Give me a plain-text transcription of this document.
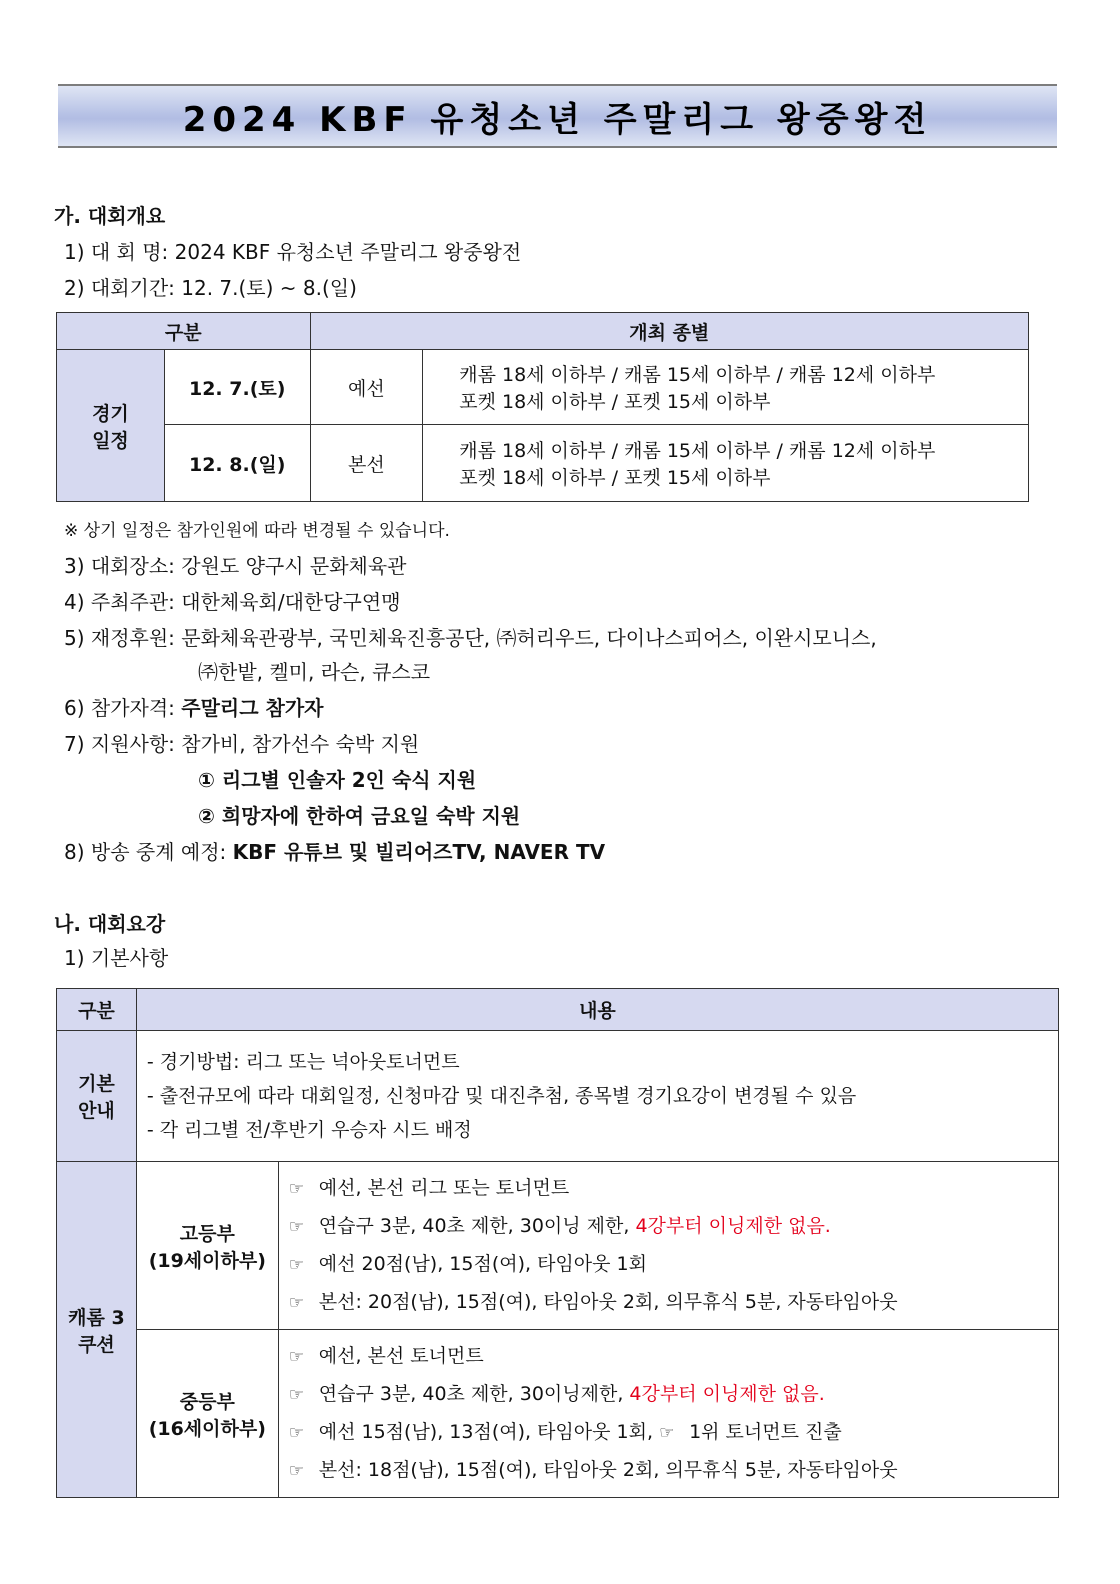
2024 KBF 유청소년 주말리그 왕중왕전
가. 대회개요
1) 대 회 명: 2024 KBF 유청소년 주말리그 왕중왕전
2) 대회기간: 12. 7.(토) ~ 8.(일)
구분		개최 종별	
경기 일정	12. 7.(토)	예선	캐롬 18세 이하부 / 캐롬 15세 이하부 / 캐롬 12세 이하부
포켓 18세 이하부 / 포켓 15세 이하부

	12. 8.(일)	본선	캐롬 18세 이하부 / 캐롬 15세 이하부 / 캐롬 12세 이하부
포켓 18세 이하부 / 포켓 15세 이하부
※ 상기 일정은 참가인원에 따라 변경될 수 있습니다.
3) 대회장소: 강원도 양구시 문화체육관
4) 주최주관: 대한체육회/대한당구연맹
5) 재정후원: 문화체육관광부, 국민체육진흥공단, ㈜허리우드, 다이나스피어스, 이완시모니스,
㈜한밭, 켈미, 라슨, 큐스코
6) 참가자격: 주말리그 참가자
7) 지원사항: 참가비, 참가선수 숙박 지원
① 리그별 인솔자 2인 숙식 지원
② 희망자에 한하여 금요일 숙박 지원
8) 방송 중계 예정: KBF 유튜브 및 빌리어즈TV, NAVER TV
나. 대회요강
1) 기본사항
구분	내용	
기본 안내	- 경기방법: 리그 또는 넉아웃토너먼트
- 출전규모에 따라 대회일정, 신청마감 및 대진추첨, 종목별 경기요강이 변경될 수 있음
- 각 리그별 전/후반기 우승자 시드 배정	

캐롬 3쿠션	고등부
(19세이하부)	☞ 예선, 본선 리그 또는 토너먼트
☞ 연습구 3분, 40초 제한, 30이닝 제한, 4강부터 이닝제한 없음.
☞ 예선 20점(남), 15점(여), 타임아웃 1회
☞ 본선: 20점(남), 15점(여), 타임아웃 2회, 의무휴식 5분, 자동타임아웃

	중등부
(16세이하부)	☞ 예선, 본선 토너먼트
☞ 연습구 3분, 40초 제한, 30이닝제한, 4강부터 이닝제한 없음.
☞ 예선 15점(남), 13점(여), 타임아웃 1회, ☞ 1위 토너먼트 진출
☞ 본선: 18점(남), 15점(여), 타임아웃 2회, 의무휴식 5분, 자동타임아웃
